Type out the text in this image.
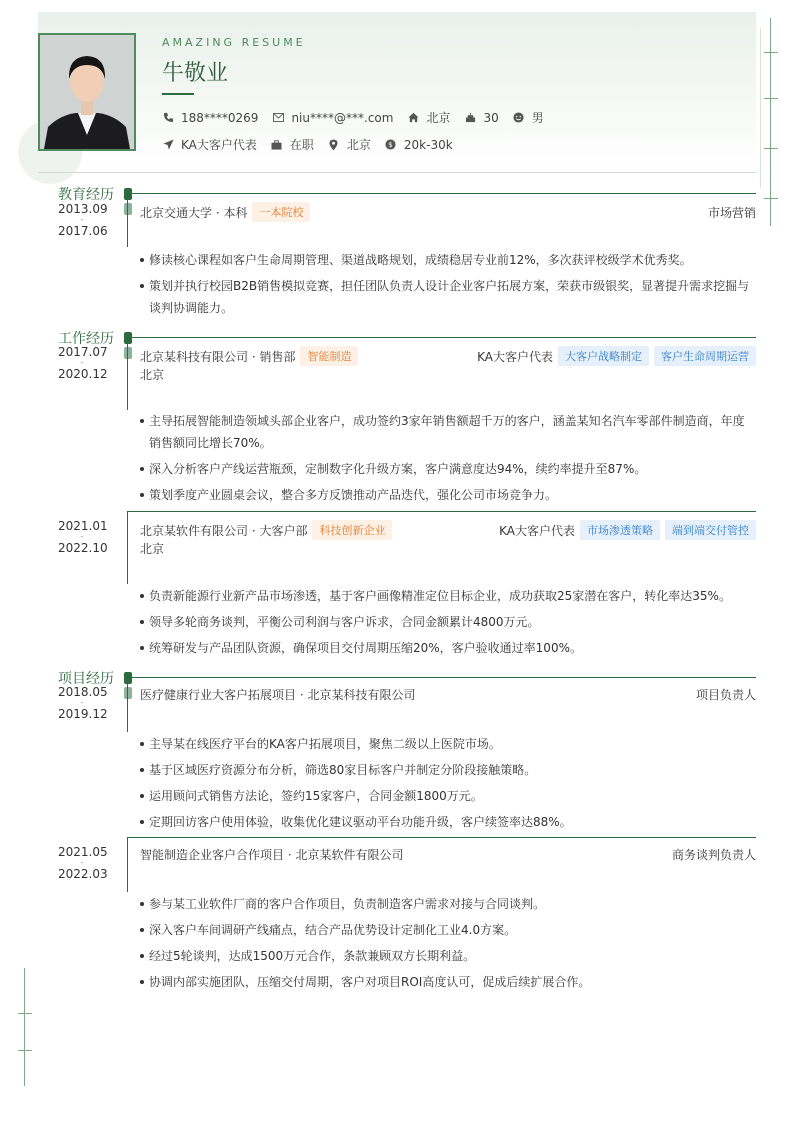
AMAZING RESUME
牛敬业
188****0269	niu****@***.com	北京	30	男
KA大客户代表	在职	北京 $ 20k-30k
教育经历
2013.09
-
2017.06
北京交通大学 · 本科	一本院校	市场营销
修读核心课程如客户生命周期管理、渠道战略规划，成绩稳居专业前12%，多次获评校级学术优秀奖。
策划并执行校园B2B销售模拟竞赛，担任团队负责人设计企业客户拓展方案，荣获市级银奖，显著提升需求挖掘与谈判协调能力。
工作经历
2017.07
-
2020.12
北京某科技有限公司 · 销售部	智能制造	KA大客户代表	大客户战略制定	客户生命周期运营
北京
主导拓展智能制造领域头部企业客户，成功签约3家年销售额超千万的客户，涵盖某知名汽车零部件制造商，年度销售额同比增长70%。
深入分析客户产线运营瓶颈，定制数字化升级方案，客户满意度达94%，续约率提升至87%。
策划季度产业圆桌会议，整合多方反馈推动产品迭代，强化公司市场竞争力。
2021.01
-
2022.10
北京某软件有限公司 · 大客户部	科技创新企业	KA大客户代表	市场渗透策略	端到端交付管控
北京
负责新能源行业新产品市场渗透，基于客户画像精准定位目标企业，成功获取25家潜在客户，转化率达35%。
领导多轮商务谈判，平衡公司利润与客户诉求，合同金额累计4800万元。
统筹研发与产品团队资源，确保项目交付周期压缩20%，客户验收通过率100%。
项目经历
2018.05
-
2019.12
医疗健康行业大客户拓展项目 · 北京某科技有限公司	项目负责人
主导某在线医疗平台的KA客户拓展项目，聚焦二级以上医院市场。
基于区域医疗资源分布分析，筛选80家目标客户并制定分阶段接触策略。
运用顾问式销售方法论，签约15家客户，合同金额1800万元。
定期回访客户使用体验，收集优化建议驱动平台功能升级，客户续签率达88%。
2021.05
-
2022.03
智能制造企业客户合作项目 · 北京某软件有限公司	商务谈判负责人
参与某工业软件厂商的客户合作项目，负责制造客户需求对接与合同谈判。
深入客户车间调研产线痛点，结合产品优势设计定制化工业4.0方案。
经过5轮谈判，达成1500万元合作，条款兼顾双方长期利益。
协调内部实施团队，压缩交付周期，客户对项目ROI高度认可，促成后续扩展合作。
